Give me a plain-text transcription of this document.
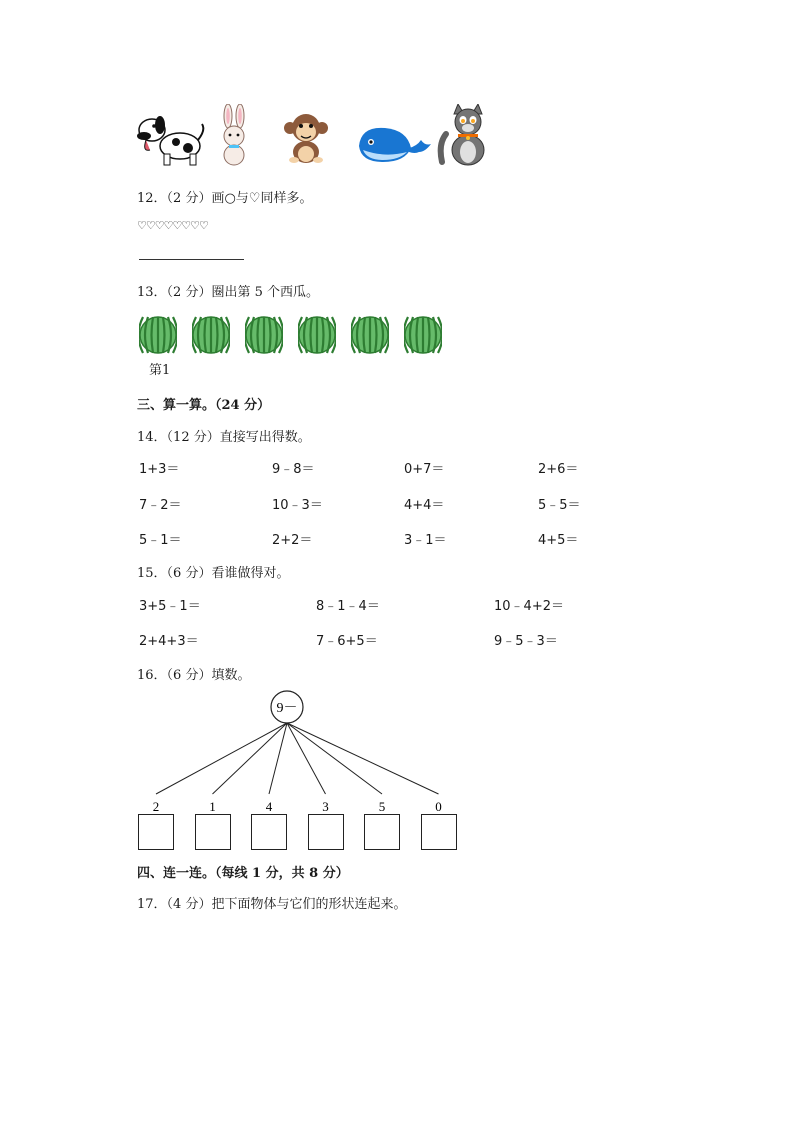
12．（2 分）画○与♡同样多。
♡♡♡♡♡♡♡♡
13．（2 分）圈出第 5 个西瓜。
第1
三、算一算。（24 分）
14．（12 分）直接写出得数。
1+3＝	9﹣8＝	0+7＝	2+6＝
7﹣2＝	10﹣3＝	4+4＝	5﹣5＝
5﹣1＝	2+2＝	3﹣1＝	4+5＝
15．（6 分）看谁做得对。
3+5﹣1＝	8﹣1﹣4＝	10﹣4+2＝
2+4+3＝	7﹣6+5＝	9﹣5﹣3＝
16．（6 分）填数。
9－
2	1	4	3	5	0
四、连一连。（每线 1 分，共 8 分）
17．（4 分）把下面物体与它们的形状连起来。
